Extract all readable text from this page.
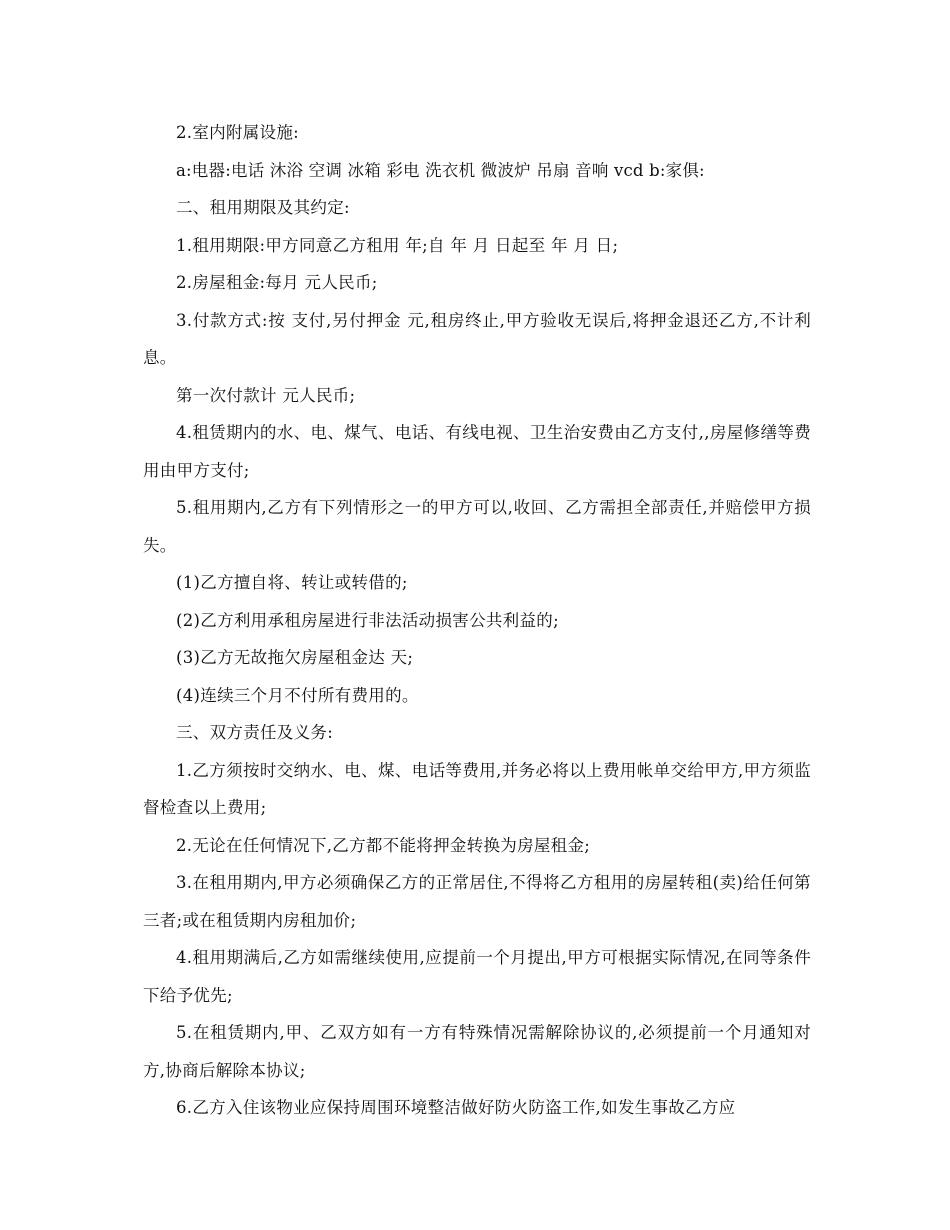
2.室内附属设施:

a:电器:电话 沐浴 空调 冰箱 彩电 洗衣机 微波炉 吊扇 音响 vcd b:家俱:

二、租用期限及其约定:

1.租用期限:甲方同意乙方租用 年;自 年 月 日起至 年 月 日;

2.房屋租金:每月 元人民币;

3.付款方式:按 支付,另付押金 元,租房终止,甲方验收无误后,将押金退还乙方,不计利息。

第一次付款计 元人民币;

4.租赁期内的水、电、煤气、电话、有线电视、卫生治安费由乙方支付,,房屋修缮等费用由甲方支付;

5.租用期内,乙方有下列情形之一的甲方可以,收回、乙方需担全部责任,并赔偿甲方损失。

(1)乙方擅自将、转让或转借的;

(2)乙方利用承租房屋进行非法活动损害公共利益的;

(3)乙方无故拖欠房屋租金达 天;

(4)连续三个月不付所有费用的。

三、双方责任及义务:

1.乙方须按时交纳水、电、煤、电话等费用,并务必将以上费用帐单交给甲方,甲方须监督检查以上费用;

2.无论在任何情况下,乙方都不能将押金转换为房屋租金;

3.在租用期内,甲方必须确保乙方的正常居住,不得将乙方租用的房屋转租(卖)给任何第三者;或在租赁期内房租加价;

4.租用期满后,乙方如需继续使用,应提前一个月提出,甲方可根据实际情况,在同等条件下给予优先;

5.在租赁期内,甲、乙双方如有一方有特殊情况需解除协议的,必须提前一个月通知对方,协商后解除本协议;

6.乙方入住该物业应保持周围环境整洁做好防火防盗工作,如发生事故乙方应
